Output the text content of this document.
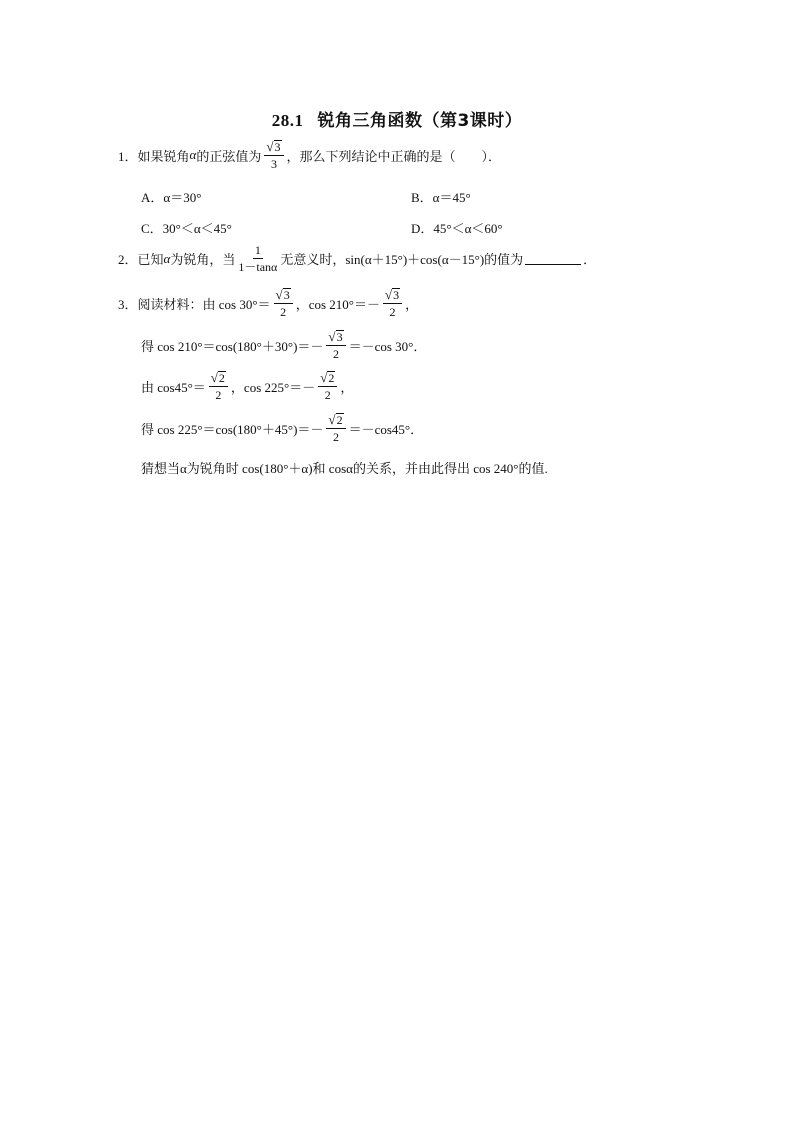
28.1 锐角三角函数（第3课时）
1． 如果锐角 α 的正弦值为 $\frac{√ 3}{3}$ ，那么下列结论中正确的是（　　）．
A．α＝30°	B．α＝45°
C．30°＜α＜45°	D．45°＜α＜60°
2． 已知 α 为锐角，当 $\frac{1}{1-\tan\alpha}$ 无意义时，sin(α＋15°)＋cos(α－15°)的值为	．
3． 阅读材料：由 $\cos 30^\circ= \frac{√ 3}{2}$ ，$\cos 210^\circ=- \frac{√ 3}{2}$ ，
得 $\cos 210^\circ=\cos(180^\circ+30^\circ)=- \frac{√ 3}{2} =-\cos$ 30°．
由 $\cos 45^\circ= \frac{√ 2}{2}$ ，$\cos 225^\circ=- \frac{√ 2}{2}$ ，
得 $\cos 225^\circ=\cos(180^\circ+45^\circ)=- \frac{√ 2}{2} =-\cos 45^\circ$．
猜想当α为锐角时 cos(180°＋α)和 cosα的关系，并由此得出 cos 240°的值.
